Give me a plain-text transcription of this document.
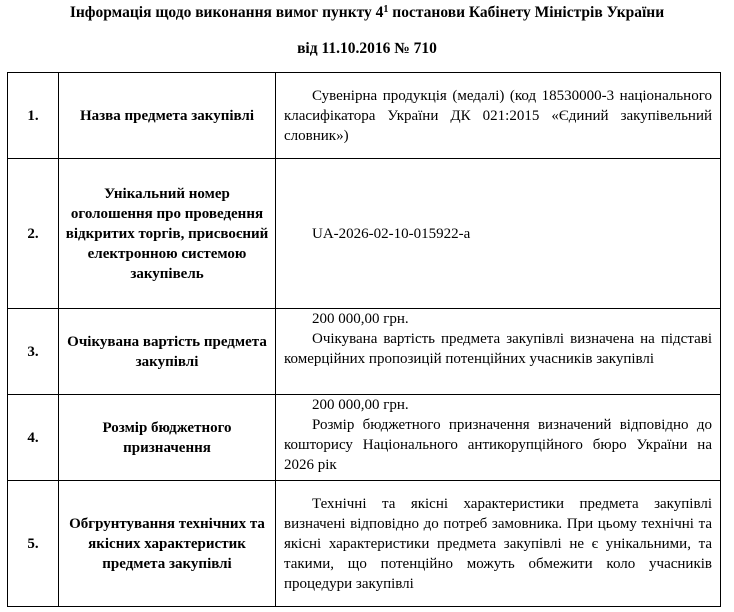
Інформація щодо виконання вимог пункту $4^1$ постанови Кабінету Міністрів України
від 11.10.2016 № 710
1.	Назва предмета закупівлі	Сувенірна продукція (медалі) (код 18530000-3 національного класифікатора України ДК 021:2015 «Єдиний закупівельний словник»)

2.	Унікальний номер оголошення про проведення відкритих торгів, присвоєний електронною системою закупівель	UA-2026-02-10-015922-a

3.	Очікувана вартість предмета закупівлі	200 000,00 грн.

Очікувана вартість предмета закупівлі визначена на підставі комерційних пропозицій потенційних учасників закупівлі

4.	Розмір бюджетного призначення	200 000,00 грн.

Розмір бюджетного призначення визначений відповідно до кошторису Національного антикорупційного бюро України на 2026 рік

5.	Обгрунтування технічних та якісних характеристик предмета закупівлі	Технічні та якісні характеристики предмета закупівлі визначені відповідно до потреб замовника. При цьому технічні та якісні характеристики предмета закупівлі не є унікальними, та такими, що потенційно можуть обмежити коло учасників процедури закупівлі
